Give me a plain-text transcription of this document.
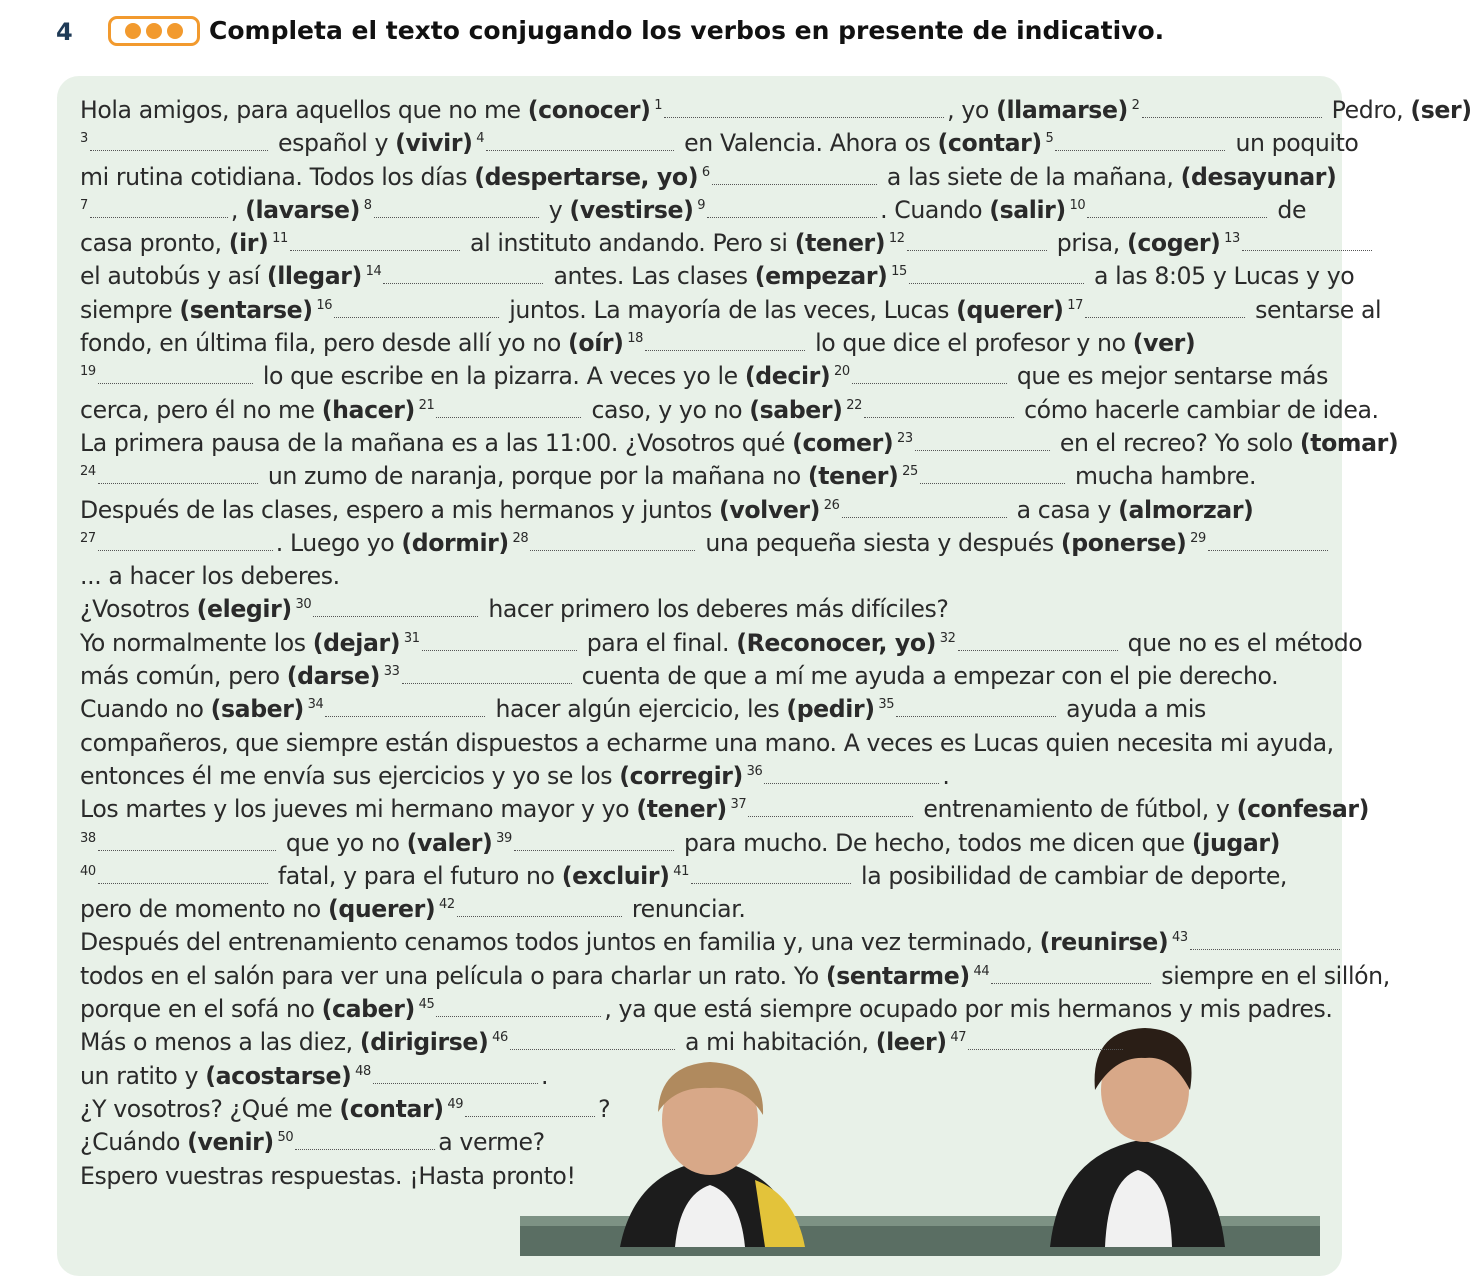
4	Completa el texto conjugando los verbos en presente de indicativo.
Hola amigos, para aquellos que no me (conocer) $^1$	, yo (llamarse) $^2$	Pedro, (ser)
$^3$	español y (vivir) $^4$	en Valencia. Ahora os (contar) $^5$	un poquito
mi rutina cotidiana. Todos los días (despertarse, yo) $^6$	a las siete de la mañana, (desayunar)
$^7$	, (lavarse) $^8$	y (vestirse) $^9$	. Cuando (salir) $^{10}$	de
casa pronto, (ir) $^{11}$	al instituto andando. Pero si (tener) $^{12}$	prisa, (coger) $^{13}$
el autobús y así (llegar) $^{14}$	antes. Las clases (empezar) $^{15}$	a las 8:05 y Lucas y yo
siempre (sentarse) $^{16}$	juntos. La mayoría de las veces, Lucas (querer) $^{17}$	sentarse al
fondo, en última fila, pero desde allí yo no (oír) $^{18}$	lo que dice el profesor y no (ver)
$^{19}$	lo que escribe en la pizarra. A veces yo le (decir) $^{20}$	que es mejor sentarse más
cerca, pero él no me (hacer) $^{21}$	caso, y yo no (saber) $^{22}$	cómo hacerle cambiar de idea.
La primera pausa de la mañana es a las 11:00. ¿Vosotros qué (comer) $^{23}$	en el recreo? Yo solo (tomar)
$^{24}$	un zumo de naranja, porque por la mañana no (tener) $^{25}$	mucha hambre.
Después de las clases, espero a mis hermanos y juntos (volver) $^{26}$	a casa y (almorzar)
$^{27}$	. Luego yo (dormir) $^{28}$	una pequeña siesta y después (ponerse) $^{29}$
... a hacer los deberes.
¿Vosotros (elegir) $^{30}$	hacer primero los deberes más difíciles?
Yo normalmente los (dejar) $^{31}$	para el final. (Reconocer, yo) $^{32}$	que no es el método
más común, pero (darse) $^{33}$	cuenta de que a mí me ayuda a empezar con el pie derecho.
Cuando no (saber) $^{34}$	hacer algún ejercicio, les (pedir) $^{35}$	ayuda a mis
compañeros, que siempre están dispuestos a echarme una mano. A veces es Lucas quien necesita mi ayuda,
entonces él me envía sus ejercicios y yo se los (corregir) $^{36}$	.
Los martes y los jueves mi hermano mayor y yo (tener) $^{37}$	entrenamiento de fútbol, y (confesar)
$^{38}$	que yo no (valer) $^{39}$	para mucho. De hecho, todos me dicen que (jugar)
$^{40}$	fatal, y para el futuro no (excluir) $^{41}$	la posibilidad de cambiar de deporte,
pero de momento no (querer) $^{42}$	renunciar.
Después del entrenamiento cenamos todos juntos en familia y, una vez terminado, (reunirse) $^{43}$
todos en el salón para ver una película o para charlar un rato. Yo (sentarme) $^{44}$	siempre en el sillón,
porque en el sofá no (caber) $^{45}$	, ya que está siempre ocupado por mis hermanos y mis padres.
Más o menos a las diez, (dirigirse) $^{46}$	a mi habitación, (leer) $^{47}$
un ratito y (acostarse) $^{48}$	.
¿Y vosotros? ¿Qué me (contar) $^{49}$	?
¿Cuándo (venir) $^{50}$	a verme?
Espero vuestras respuestas. ¡Hasta pronto!
